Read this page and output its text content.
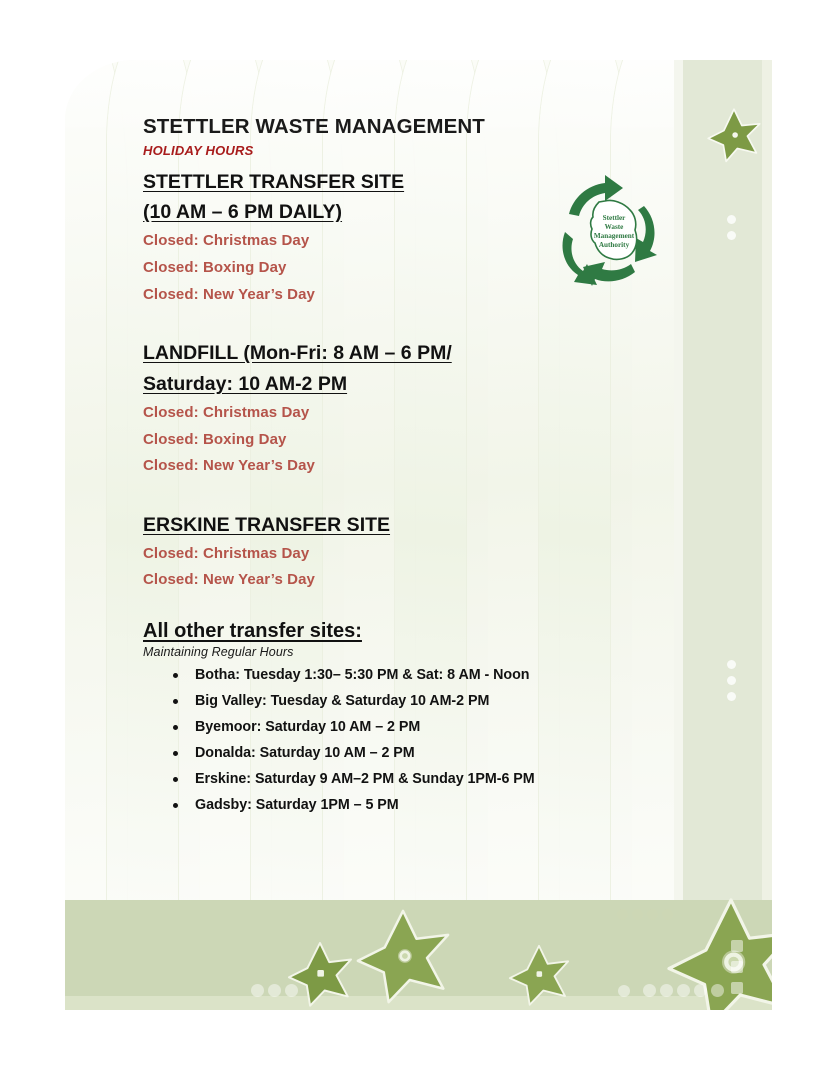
Stettler
Waste
Management
Authority
STETTLER WASTE MANAGEMENT
HOLIDAY HOURS
STETTLER TRANSFER SITE
(10 AM – 6 PM DAILY)

Closed: Christmas Day

Closed: Boxing Day

Closed: New Year’s Day

LANDFILL (Mon-Fri: 8 AM – 6 PM/
Saturday: 10 AM-2 PM

Closed: Christmas Day

Closed: Boxing Day

Closed: New Year’s Day

ERSKINE TRANSFER SITE

Closed: Christmas Day

Closed: New Year’s Day

All other transfer sites:
Maintaining Regular Hours
Botha: Tuesday 1:30– 5:30 PM & Sat: 8 AM - Noon
Big Valley: Tuesday & Saturday 10 AM-2 PM
Byemoor: Saturday 10 AM – 2 PM
Donalda: Saturday 10 AM – 2 PM
Erskine: Saturday 9 AM–2 PM & Sunday 1PM-6 PM
Gadsby: Saturday 1PM – 5 PM
